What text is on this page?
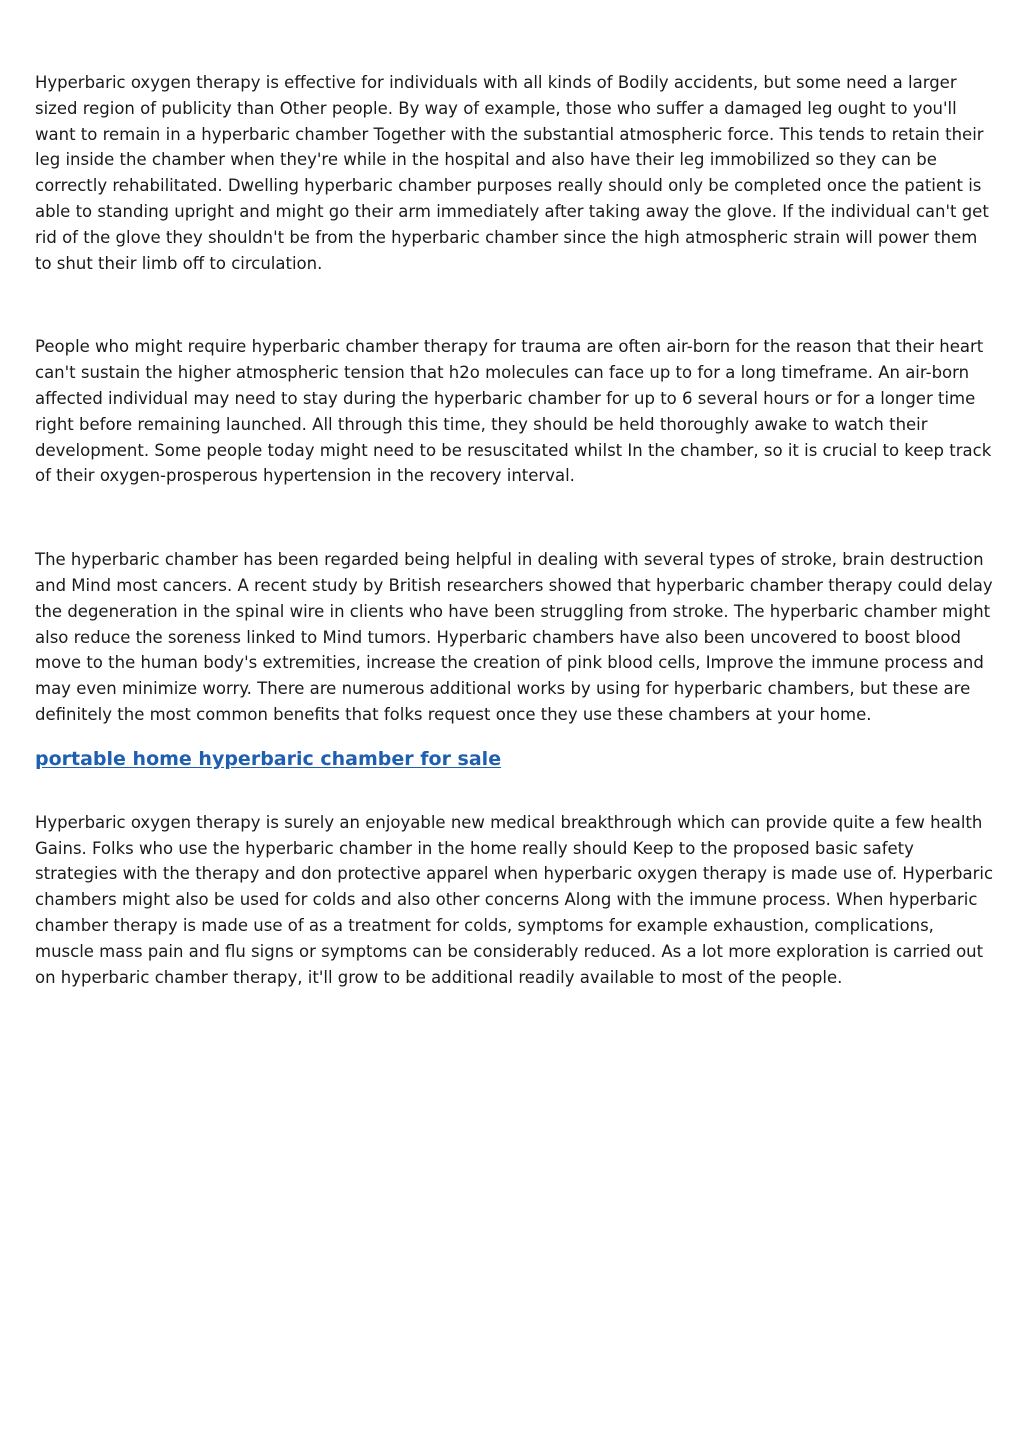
Hyperbaric oxygen therapy is effective for individuals with all kinds of Bodily accidents, but some need a larger sized region of publicity than Other people. By way of example, those who suffer a damaged leg ought to you'll want to remain in a hyperbaric chamber Together with the substantial atmospheric force. This tends to retain their leg inside the chamber when they're while in the hospital and also have their leg immobilized so they can be correctly rehabilitated. Dwelling hyperbaric chamber purposes really should only be completed once the patient is able to standing upright and might go their arm immediately after taking away the glove. If the individual can't get rid of the glove they shouldn't be from the hyperbaric chamber since the high atmospheric strain will power them to shut their limb off to circulation.

People who might require hyperbaric chamber therapy for trauma are often air-born for the reason that their heart can't sustain the higher atmospheric tension that h2o molecules can face up to for a long timeframe. An air-born affected individual may need to stay during the hyperbaric chamber for up to 6 several hours or for a longer time right before remaining launched. All through this time, they should be held thoroughly awake to watch their development. Some people today might need to be resuscitated whilst In the chamber, so it is crucial to keep track of their oxygen-prosperous hypertension in the recovery interval.

The hyperbaric chamber has been regarded being helpful in dealing with several types of stroke, brain destruction and Mind most cancers. A recent study by British researchers showed that hyperbaric chamber therapy could delay the degeneration in the spinal wire in clients who have been struggling from stroke. The hyperbaric chamber might also reduce the soreness linked to Mind tumors. Hyperbaric chambers have also been uncovered to boost blood move to the human body's extremities, increase the creation of pink blood cells, Improve the immune process and may even minimize worry. There are numerous additional works by using for hyperbaric chambers, but these are definitely the most common benefits that folks request once they use these chambers at your home.

portable home hyperbaric chamber for sale

Hyperbaric oxygen therapy is surely an enjoyable new medical breakthrough which can provide quite a few health Gains. Folks who use the hyperbaric chamber in the home really should Keep to the proposed basic safety strategies with the therapy and don protective apparel when hyperbaric oxygen therapy is made use of. Hyperbaric chambers might also be used for colds and also other concerns Along with the immune process. When hyperbaric chamber therapy is made use of as a treatment for colds, symptoms for example exhaustion, complications, muscle mass pain and flu signs or symptoms can be considerably reduced. As a lot more exploration is carried out on hyperbaric chamber therapy, it'll grow to be additional readily available to most of the people.
